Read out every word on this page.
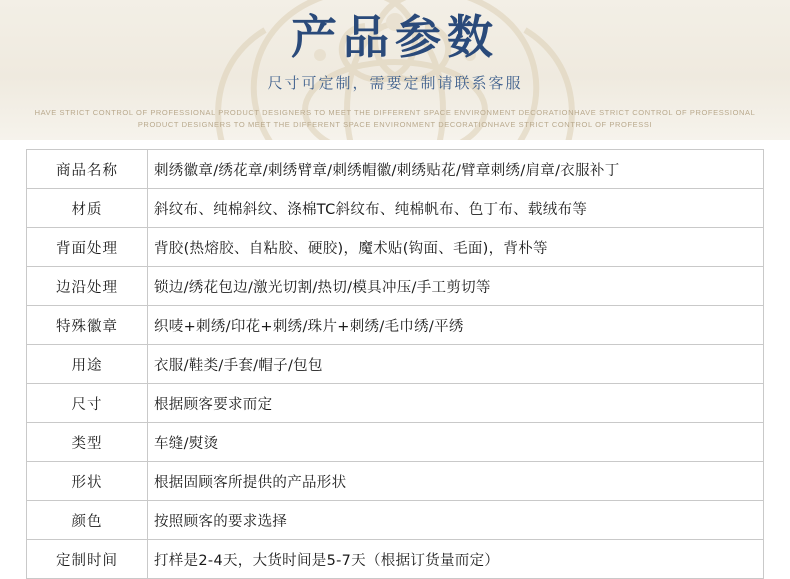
产品参数
尺寸可定制，需要定制请联系客服
HAVE STRICT CONTROL OF PROFESSIONAL PRODUCT DESIGNERS TO MEET THE DIFFERENT SPACE ENVIRONMENT DECORATIONHAVE STRICT CONTROL OF PROFESSIONAL
PRODUCT DESIGNERS TO MEET THE DIFFERENT SPACE ENVIRONMENT DECORATIONHAVE STRICT CONTROL OF PROFESSI
商品名称	刺绣徽章/绣花章/刺绣臂章/刺绣帽徽/刺绣贴花/臂章刺绣/肩章/衣服补丁
材质	斜纹布、纯棉斜纹、涤棉TC斜纹布、纯棉帆布、色丁布、载绒布等
背面处理	背胶(热熔胶、自粘胶、硬胶)，魔术贴(钩面、毛面)，背朴等
边沿处理	锁边/绣花包边/激光切割/热切/模具冲压/手工剪切等
特殊徽章	织唛+刺绣/印花+刺绣/珠片+刺绣/毛巾绣/平绣
用途	衣服/鞋类/手套/帽子/包包
尺寸	根据顾客要求而定
类型	车缝/熨烫
形状	根据固顾客所提供的产品形状
颜色	按照顾客的要求选择
定制时间	打样是2-4天，大货时间是5-7天（根据订货量而定）
